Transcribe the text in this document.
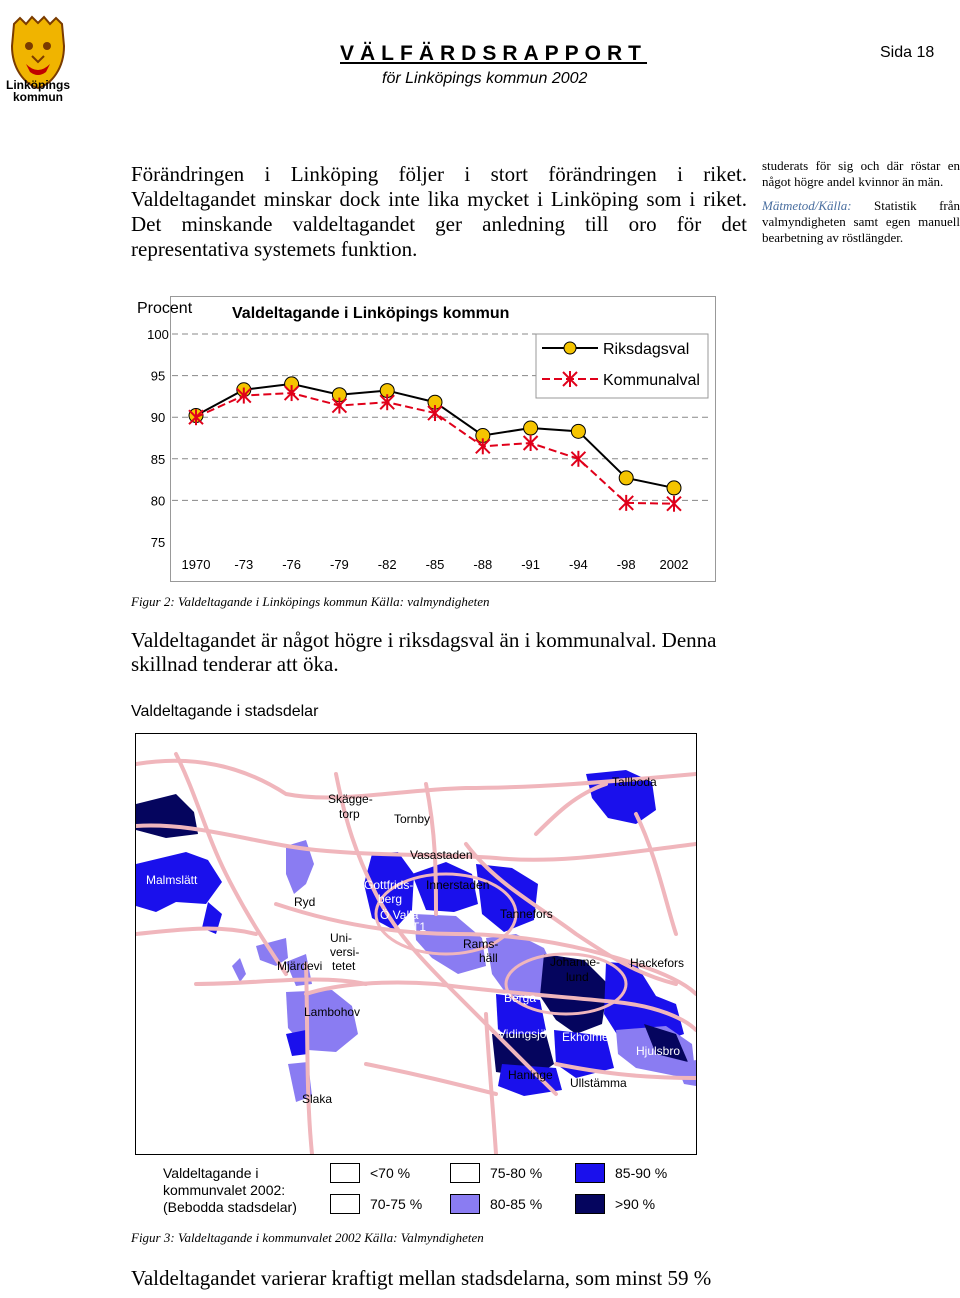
Linköpings
kommun
VÄLFÄRDSRAPPORT
för Linköpings kommun 2002
Sida 18
Förändringen i Linköping följer i stort förändringen i riket. Valdeltagandet minskar dock inte lika mycket i Linköping som i riket. Det minskande valdeltagandet ger anledning till oro för det representativa systemets funktion.
studerats för sig och där röstar en något högre andel kvinnor än män.
Mätmetod/Källa: Statistik från valmyndigheten samt egen manuell bearbetning av röstlängder.
Procent Valdeltagande i Linköpings kommun
100
95
90
85
80
75
1970 -73 -76 -79 -82 -85 -88 -91 -94 -98 2002
Riksdagsval
Kommunalval
Figur 2: Valdeltagande i Linköpings kommun Källa: valmyndigheten
Valdeltagandet är något högre i riksdagsval än i kommunalval. Denna skillnad tenderar att öka.
Valdeltagande i stadsdelar
Skägge-torp
Tallboda
Tornby
Vasastaden
Malmslätt	Gottfrids-berg
Innerstaden
Ryd
Ö Valla
T1
Tannefors
Uni-versi-tetet
Rams-häll
Mjärdevi	Johanne-lund
Hackefors
Berga
Lambohov
Vidingsjö Ekholmen
Hjulsbro
Haninge
Ullstämma
Slaka
Valdeltagande i
kommunvalet 2002:
(Bebodda stadsdelar)
<70 %
70-75 %
75-80 %
80-85 %
85-90 %
>90 %
Figur 3: Valdeltagande i kommunvalet 2002 Källa: Valmyndigheten
Valdeltagandet varierar kraftigt mellan stadsdelarna, som minst 59 %
